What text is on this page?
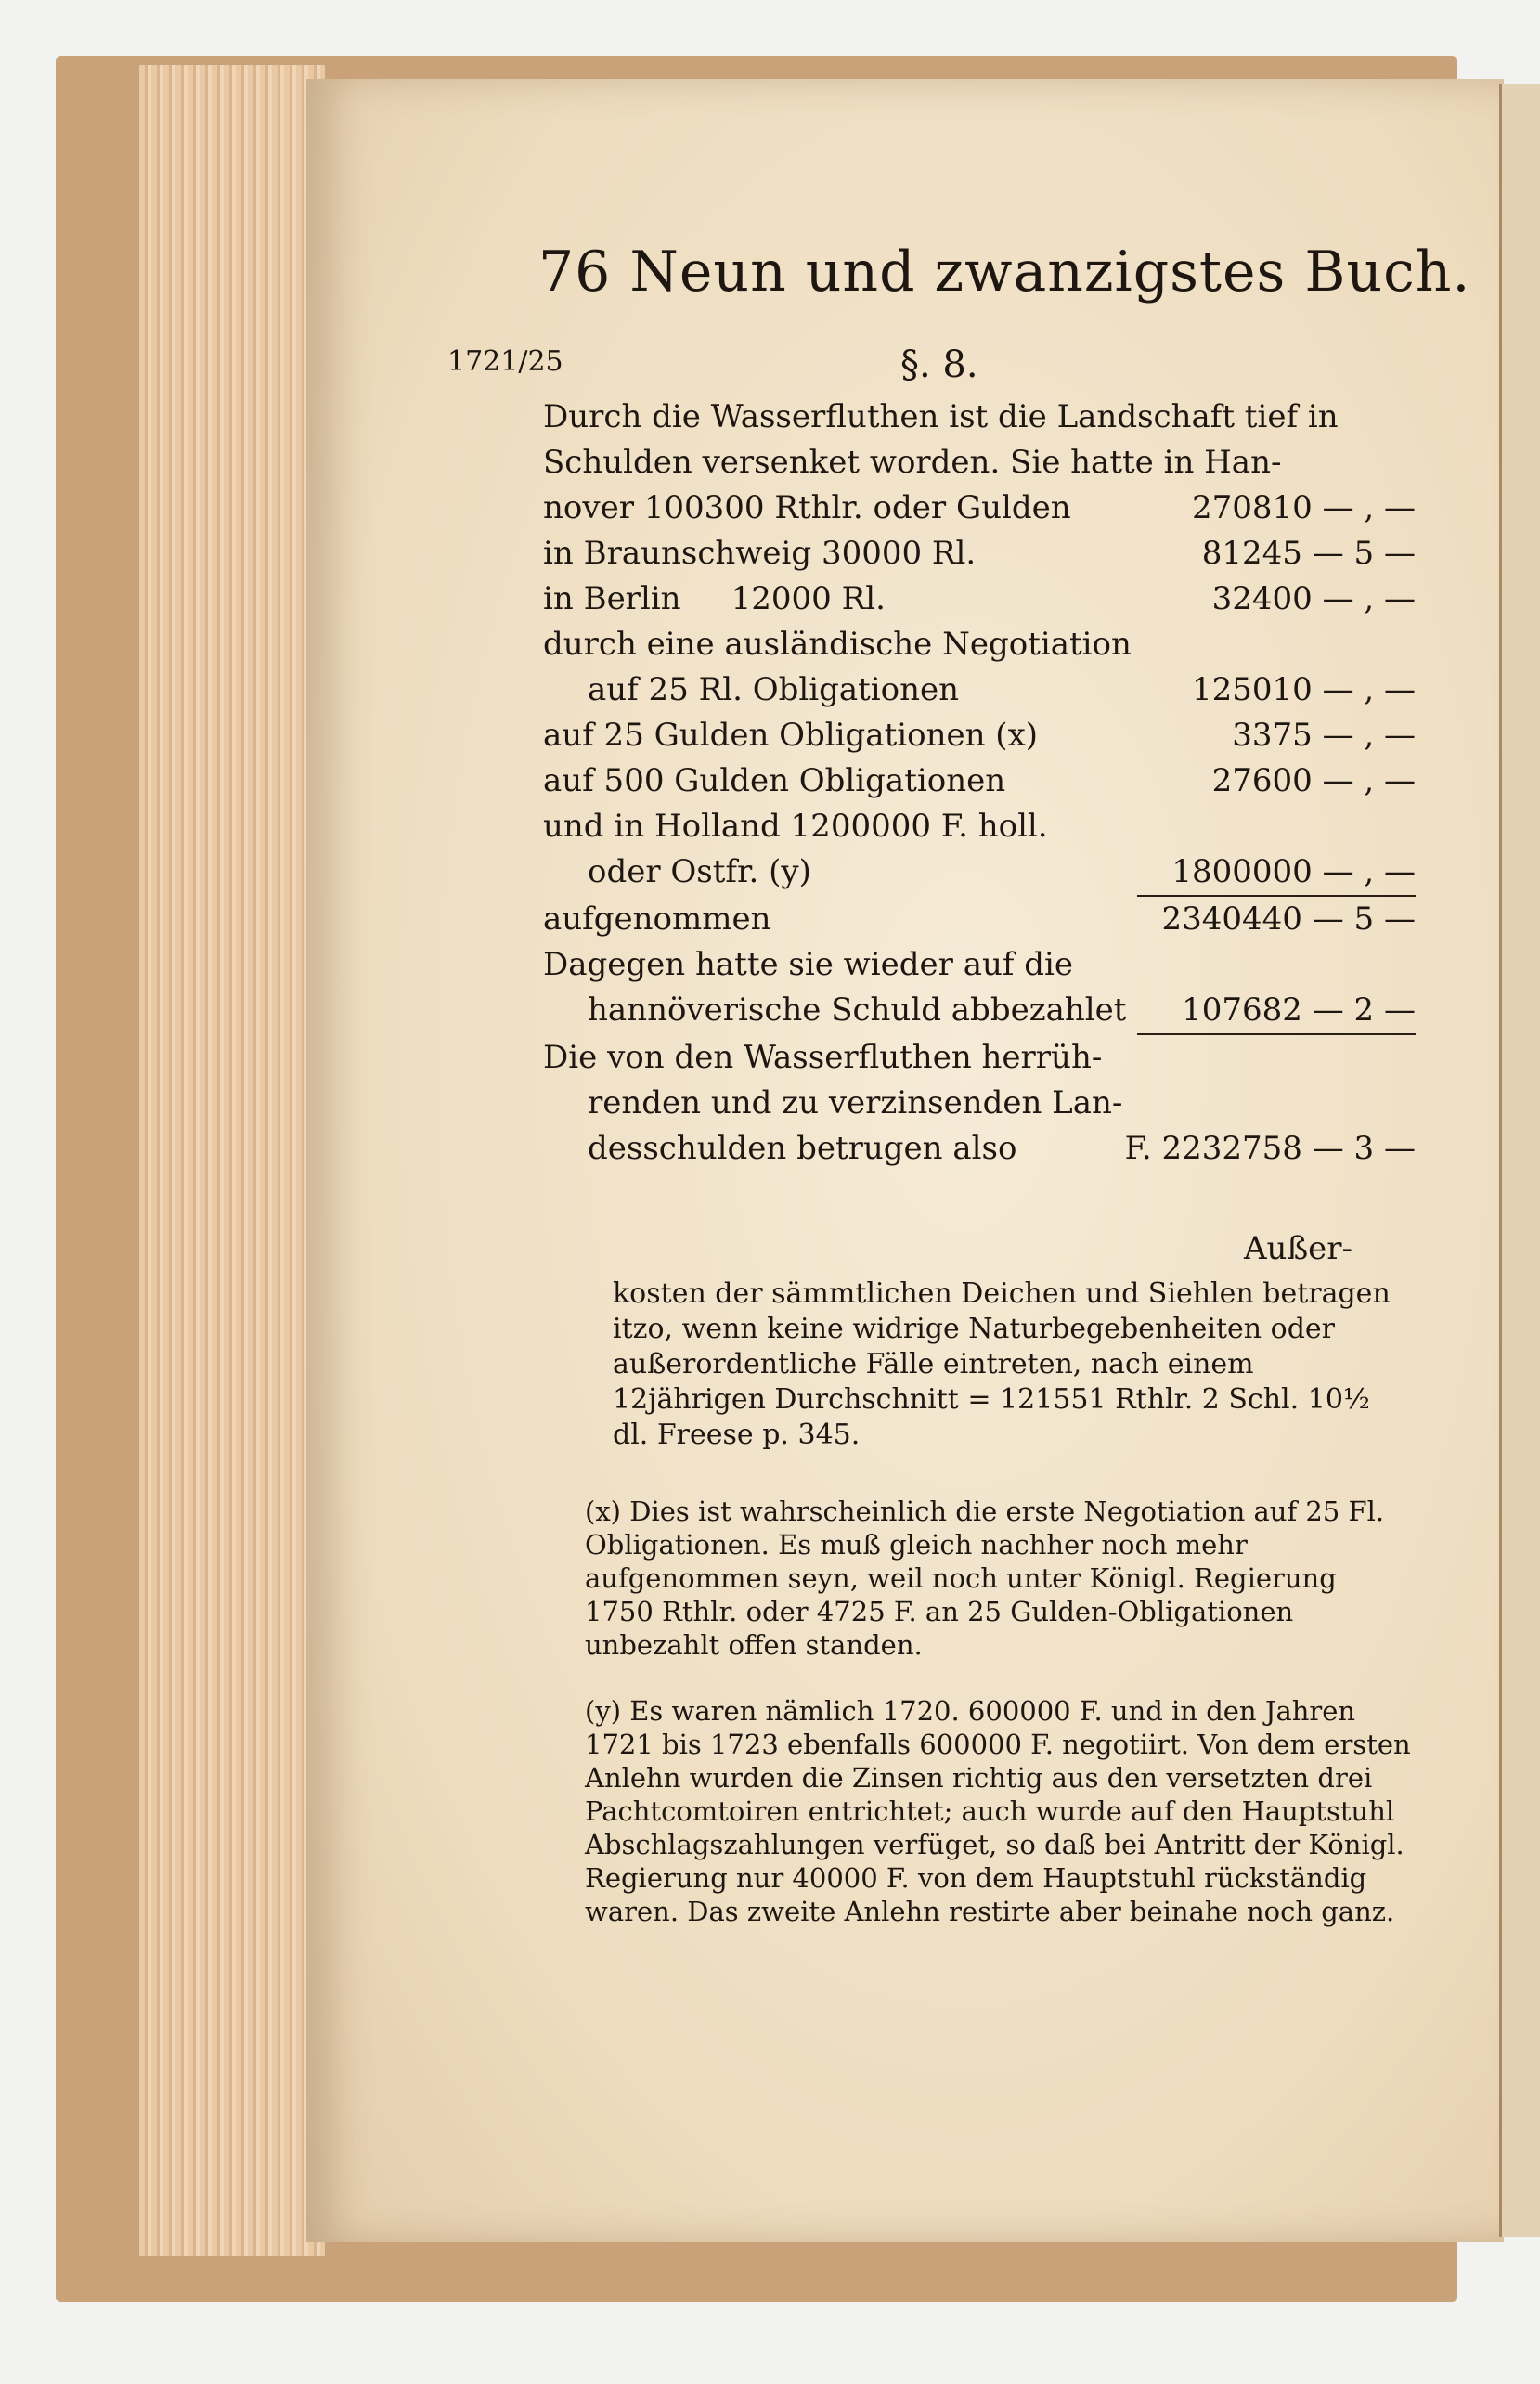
76 Neun und zwanzigstes Buch.
1721/25	§. 8.
Durch die Wasserfluthen ist die Landschaft tief in Schulden versenket worden. Sie hatte in Han-
nover 100300 Rthlr. oder Gulden	270810 — , —
in Braunschweig 30000 Rl.	81245 — 5 —
in Berlin     12000 Rl.	32400 — , —
durch eine ausländische Negotiation
auf 25 Rl. Obligationen	125010 — , —
auf 25 Gulden Obligationen (x)	3375 — , —
auf 500 Gulden Obligationen	27600 — , —
und in Holland 1200000 F. holl.
oder Ostfr. (y)	1800000 — , —
aufgenommen	2340440 — 5 —
Dagegen hatte sie wieder auf die
hannöverische Schuld abbezahlet	107682 — 2 —
Die von den Wasserfluthen herrüh-
renden und zu verzinsenden Lan-
desschulden betrugen also	F. 2232758 — 3 —
Außer-
kosten der sämmtlichen Deichen und Siehlen betragen itzo, wenn keine widrige Naturbegebenheiten oder außerordentliche Fälle eintreten, nach einem 12jährigen Durchschnitt = 121551 Rthlr. 2 Schl. 10½ dl. Freese p. 345.
(x) Dies ist wahrscheinlich die erste Negotiation auf 25 Fl. Obligationen. Es muß gleich nachher noch mehr aufgenommen seyn, weil noch unter Königl. Regierung 1750 Rthlr. oder 4725 F. an 25 Gulden-Obligationen unbezahlt offen standen.
(y) Es waren nämlich 1720. 600000 F. und in den Jahren 1721 bis 1723 ebenfalls 600000 F. negotiirt. Von dem ersten Anlehn wurden die Zinsen richtig aus den versetzten drei Pachtcomtoiren entrichtet; auch wurde auf den Hauptstuhl Abschlagszahlungen verfüget, so daß bei Antritt der Königl. Regierung nur 40000 F. von dem Hauptstuhl rückständig waren. Das zweite Anlehn restirte aber beinahe noch ganz.
